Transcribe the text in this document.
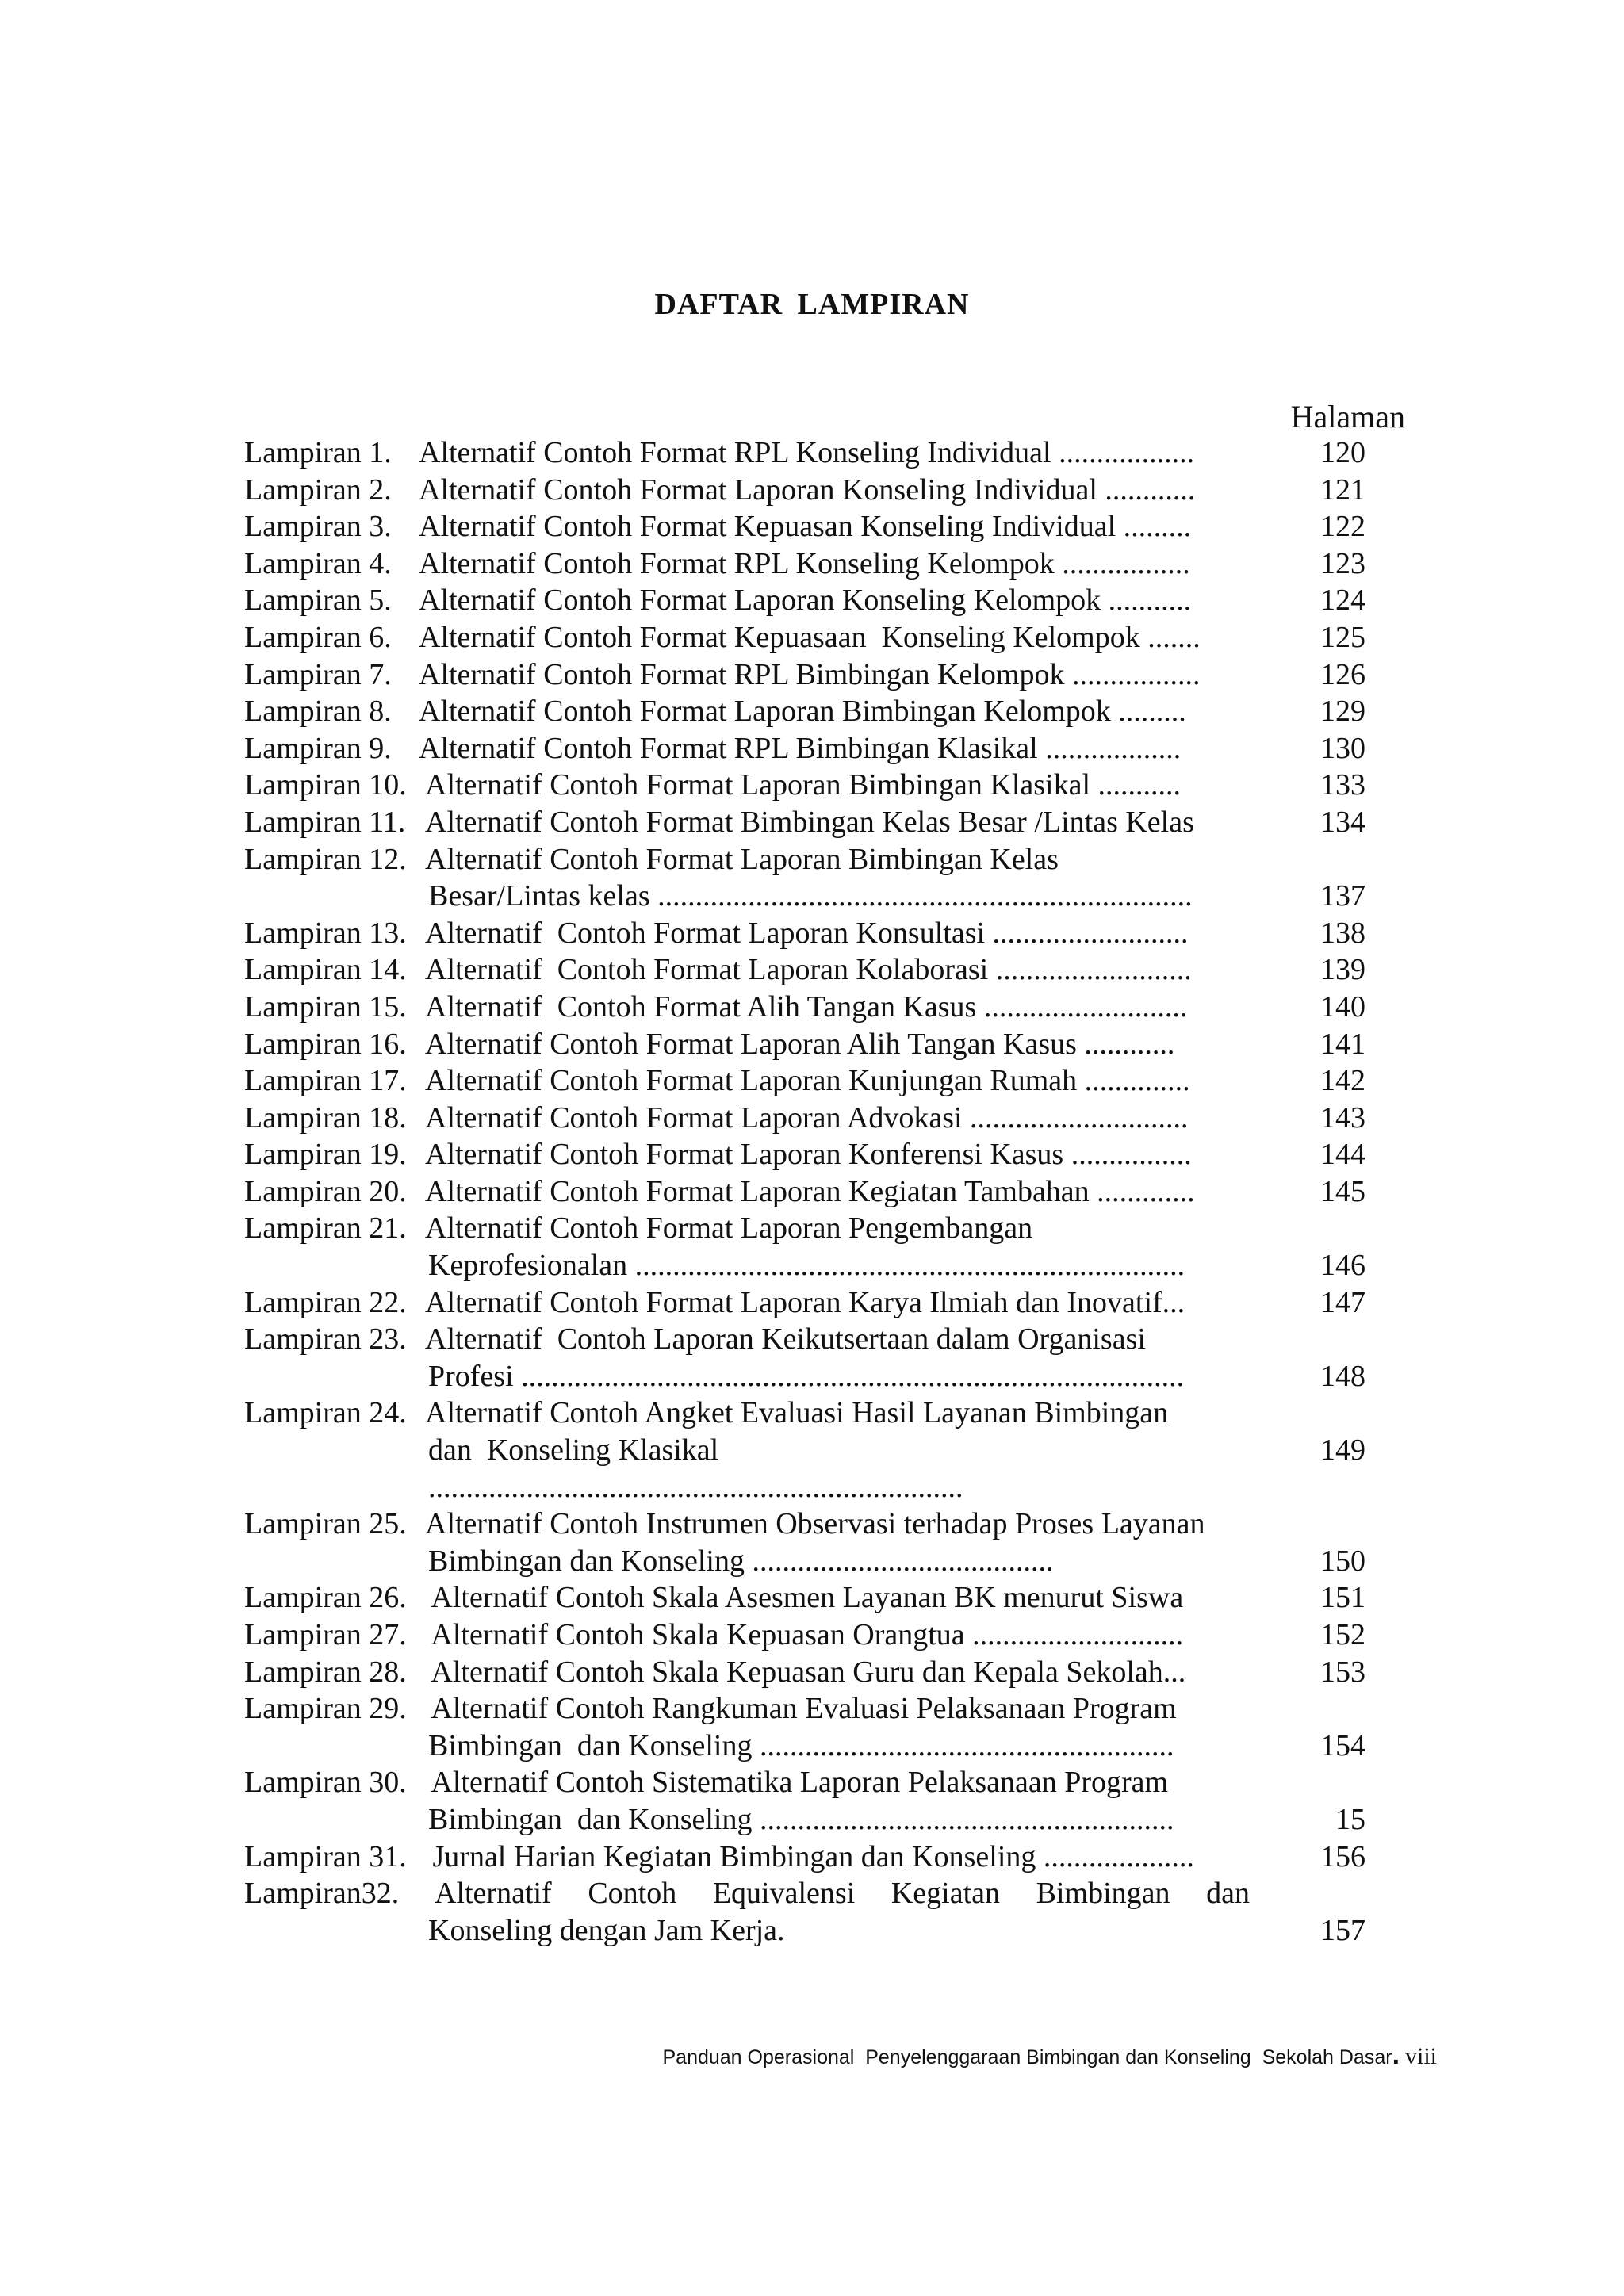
DAFTAR LAMPIRAN
Halaman
Lampiran 1. Alternatif Contoh Format RPL Konseling Individual ..................	120
Lampiran 2. Alternatif Contoh Format Laporan Konseling Individual ............	121
Lampiran 3. Alternatif Contoh Format Kepuasan Konseling Individual .........	122
Lampiran 4. Alternatif Contoh Format RPL Konseling Kelompok .................	123
Lampiran 5. Alternatif Contoh Format Laporan Konseling Kelompok ...........	124
Lampiran 6. Alternatif Contoh Format Kepuasaan  Konseling Kelompok .......	125
Lampiran 7. Alternatif Contoh Format RPL Bimbingan Kelompok .................	126
Lampiran 8. Alternatif Contoh Format Laporan Bimbingan Kelompok .........	129
Lampiran 9. Alternatif Contoh Format RPL Bimbingan Klasikal ..................	130
Lampiran 10. Alternatif Contoh Format Laporan Bimbingan Klasikal ...........	133
Lampiran 11. Alternatif Contoh Format Bimbingan Kelas Besar /Lintas Kelas	134
Lampiran 12. Alternatif Contoh Format Laporan Bimbingan Kelas
Besar/Lintas kelas .......................................................................	137
Lampiran 13. Alternatif  Contoh Format Laporan Konsultasi ..........................	138
Lampiran 14. Alternatif  Contoh Format Laporan Kolaborasi ..........................	139
Lampiran 15. Alternatif  Contoh Format Alih Tangan Kasus ...........................	140
Lampiran 16. Alternatif Contoh Format Laporan Alih Tangan Kasus ............	141
Lampiran 17. Alternatif Contoh Format Laporan Kunjungan Rumah ..............	142
Lampiran 18. Alternatif Contoh Format Laporan Advokasi .............................	143
Lampiran 19. Alternatif Contoh Format Laporan Konferensi Kasus ................	144
Lampiran 20. Alternatif Contoh Format Laporan Kegiatan Tambahan .............	145
Lampiran 21. Alternatif Contoh Format Laporan Pengembangan
Keprofesionalan .........................................................................	146
Lampiran 22. Alternatif Contoh Format Laporan Karya Ilmiah dan Inovatif...	147
Lampiran 23. Alternatif  Contoh Laporan Keikutsertaan dalam Organisasi
Profesi ........................................................................................	148
Lampiran 24. Alternatif Contoh Angket Evaluasi Hasil Layanan Bimbingan
dan  Konseling Klasikal	149
.......................................................................
Lampiran 25. Alternatif Contoh Instrumen Observasi terhadap Proses Layanan
Bimbingan dan Konseling ........................................	150
Lampiran 26. Alternatif Contoh Skala Asesmen Layanan BK menurut Siswa	151
Lampiran 27. Alternatif Contoh Skala Kepuasan Orangtua ............................	152
Lampiran 28. Alternatif Contoh Skala Kepuasan Guru dan Kepala Sekolah...	153
Lampiran 29. Alternatif Contoh Rangkuman Evaluasi Pelaksanaan Program
Bimbingan  dan Konseling .......................................................	154
Lampiran 30. Alternatif Contoh Sistematika Laporan Pelaksanaan Program
Bimbingan  dan Konseling .......................................................	15
Lampiran 31. Jurnal Harian Kegiatan Bimbingan dan Konseling ....................	156
Lampiran32. Alternatif Contoh Equivalensi Kegiatan Bimbingan dan
Konseling dengan Jam Kerja.	157
Panduan Operasional  Penyelenggaraan Bimbingan dan Konseling  Sekolah Dasar. viii
